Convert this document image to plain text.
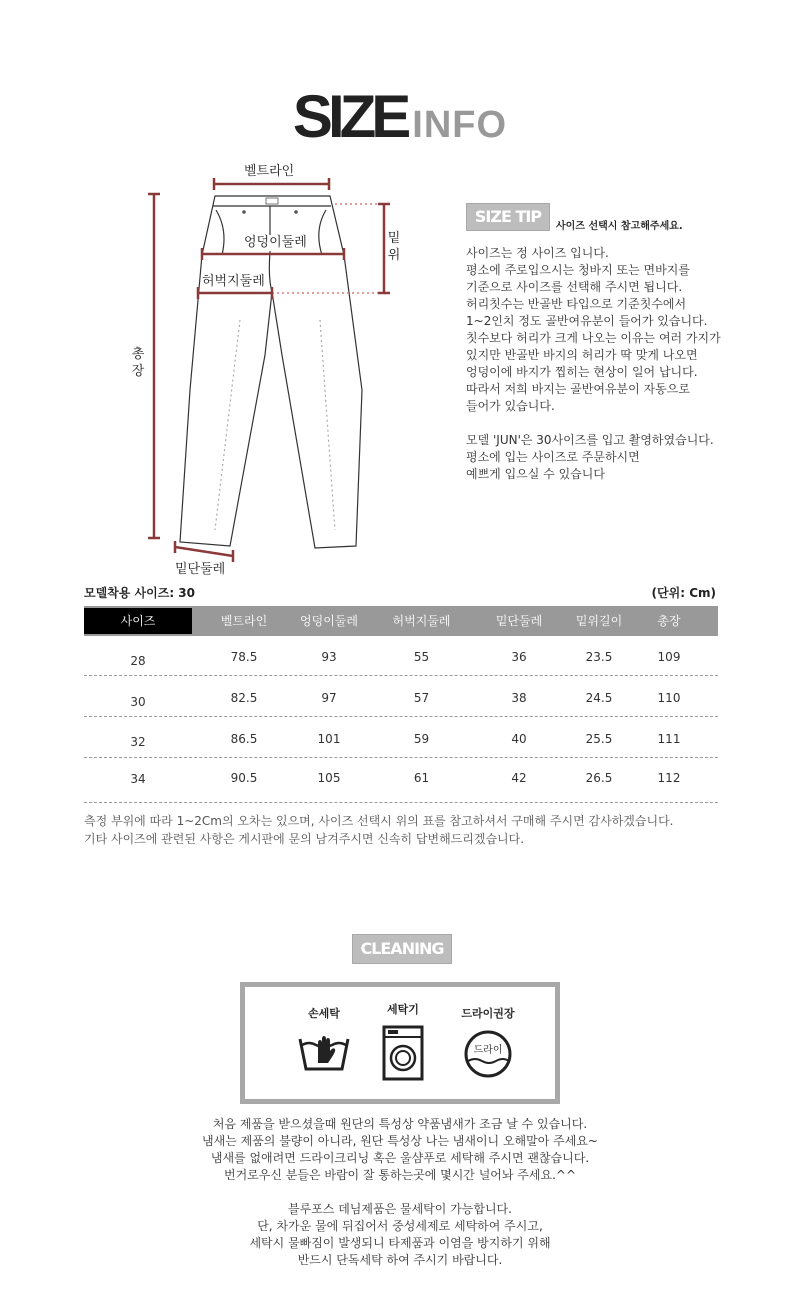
SIZE INFO
벨트라인
엉덩이둘레
허벅지둘레
밑단둘레
밑
위
총
장
SIZE TIP
사이즈 선택시 참고해주세요.

사이즈는 정 사이즈 입니다.

평소에 주로입으시는 청바지 또는 면바지를

기준으로 사이즈를 선택해 주시면 됩니다.

허리칫수는 반골반 타입으로 기준칫수에서

1~2인치 정도 골반여유분이 들어가 있습니다.

칫수보다 허리가 크게 나오는 이유는 여러 가지가

있지만 반골반 바지의 허리가 딱 맞게 나오면

엉덩이에 바지가 찝히는 현상이 일어 납니다.

따라서 저희 바지는 골반여유분이 자동으로

들어가 있습니다.

모델 'JUN'은 30사이즈를 입고 촬영하였습니다.

평소에 입는 사이즈로 주문하시면

예쁘게 입으실 수 있습니다

모델착용 사이즈: 30	(단위: Cm)
사이즈	벨트라인	엉덩이둘레	허벅지둘레	밑단둘레	밑위길이	총장
28	78.5	93	55	36	23.5	109
30	82.5	97	57	38	24.5	110
32	86.5	101	59	40	25.5	111
34	90.5	105	61	42	26.5	112

측정 부위에 따라 1~2Cm의 오차는 있으며, 사이즈 선택시 위의 표를 참고하셔서 구매해 주시면 감사하겠습니다.

기타 사이즈에 관련된 사항은 게시판에 문의 남겨주시면 신속히 답변해드리겠습니다.

CLEANING
손세탁	세탁기	드라이권장
드라이

처음 제품을 받으셨을때 원단의 특성상 약품냄새가 조금 날 수 있습니다.

냄새는 제품의 불량이 아니라, 원단 특성상 나는 냄새이니 오해말아 주세요~

냄새를 없애려면 드라이크리닝 혹은 울샴푸로 세탁해 주시면 괜찮습니다.

번거로우신 분들은 바람이 잘 통하는곳에 몇시간 널어놔 주세요.^^

블루포스 데님제품은 물세탁이 가능합니다.

단, 차가운 물에 뒤집어서 중성세제로 세탁하여 주시고,

세탁시 물빠짐이 발생되니 타제품과 이염을 방지하기 위해

반드시 단독세탁 하여 주시기 바랍니다.
